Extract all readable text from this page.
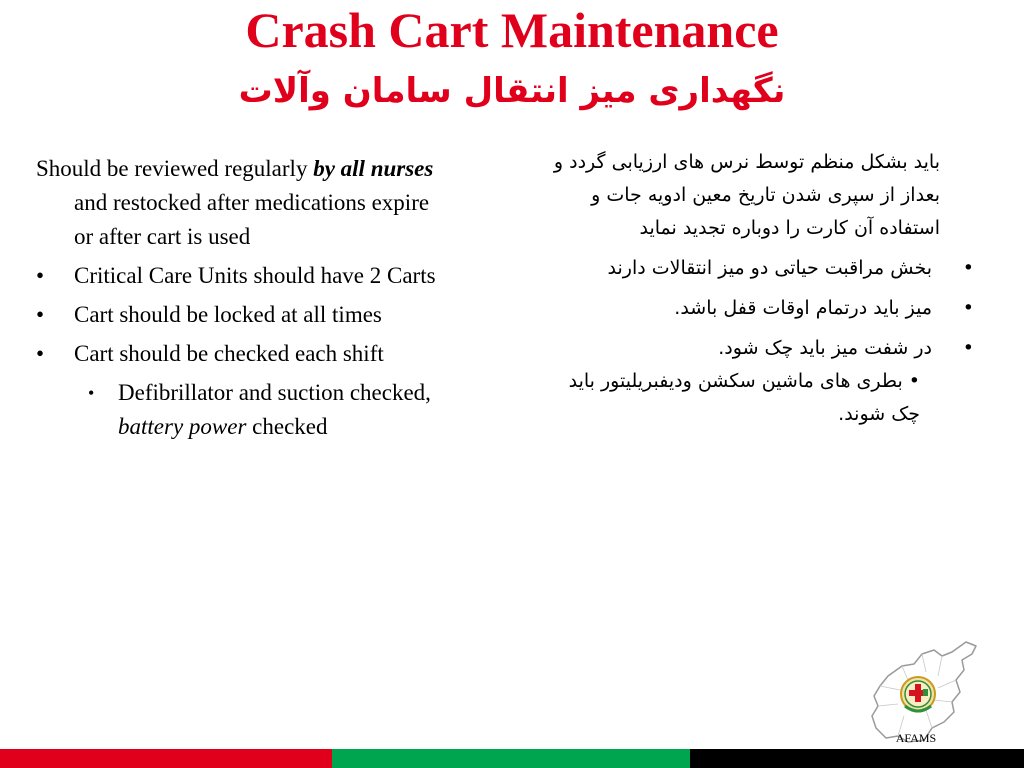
Crash Cart Maintenance
نگهداری میز انتقال سامان وآلات

Should be reviewed regularly by all nurses and restocked after medications expire or after cart is used

• Critical Care Units should have 2 Carts

• Cart should be locked at all times

• Cart should be checked each shift

• Defibrillator and suction checked, battery power checked

باید بشکل منظم توسط نرس های ارزیابی گردد و بعداز از سپری شدن تاریخ معین ادویه جات و استفاده آن کارت را دوباره تجدید نماید

•
بخش مراقبت حیاتی دو میز انتقالات دارند

•
میز باید درتمام اوقات قفل باشد.

•
در شفت میز باید چک شود.

•بطری های ماشین سکشن ودیفبریلیتور باید چک شوند.

AFAMS
